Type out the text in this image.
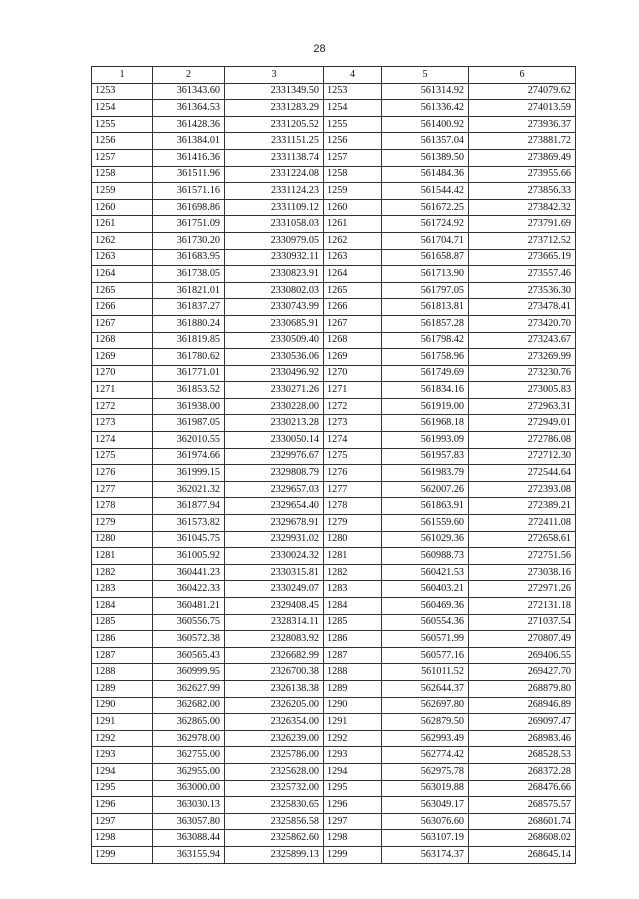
28
1	2	3	4	5	6
1253	361343.60	2331349.50	1253	561314.92	274079.62
1254	361364.53	2331283.29	1254	561336.42	274013.59
1255	361428.36	2331205.52	1255	561400.92	273936.37
1256	361384.01	2331151.25	1256	561357.04	273881.72
1257	361416.36	2331138.74	1257	561389.50	273869.49
1258	361511.96	2331224.08	1258	561484.36	273955.66
1259	361571.16	2331124.23	1259	561544.42	273856.33
1260	361698.86	2331109.12	1260	561672.25	273842.32
1261	361751.09	2331058.03	1261	561724.92	273791.69
1262	361730.20	2330979.05	1262	561704.71	273712.52
1263	361683.95	2330932.11	1263	561658.87	273665.19
1264	361738.05	2330823.91	1264	561713.90	273557.46
1265	361821.01	2330802.03	1265	561797.05	273536.30
1266	361837.27	2330743.99	1266	561813.81	273478.41
1267	361880.24	2330685.91	1267	561857.28	273420.70
1268	361819.85	2330509.40	1268	561798.42	273243.67
1269	361780.62	2330536.06	1269	561758.96	273269.99
1270	361771.01	2330496.92	1270	561749.69	273230.76
1271	361853.52	2330271.26	1271	561834.16	273005.83
1272	361938.00	2330228.00	1272	561919.00	272963.31
1273	361987.05	2330213.28	1273	561968.18	272949.01
1274	362010.55	2330050.14	1274	561993.09	272786.08
1275	361974.66	2329976.67	1275	561957.83	272712.30
1276	361999.15	2329808.79	1276	561983.79	272544.64
1277	362021.32	2329657.03	1277	562007.26	272393.08
1278	361877.94	2329654.40	1278	561863.91	272389.21
1279	361573.82	2329678.91	1279	561559.60	272411.08
1280	361045.75	2329931.02	1280	561029.36	272658.61
1281	361005.92	2330024.32	1281	560988.73	272751.56
1282	360441.23	2330315.81	1282	560421.53	273038.16
1283	360422.33	2330249.07	1283	560403.21	272971.26
1284	360481.21	2329408.45	1284	560469.36	272131.18
1285	360556.75	2328314.11	1285	560554.36	271037.54
1286	360572.38	2328083.92	1286	560571.99	270807.49
1287	360565.43	2326682.99	1287	560577.16	269406.55
1288	360999.95	2326700.38	1288	561011.52	269427.70
1289	362627.99	2326138.38	1289	562644.37	268879.80
1290	362682.00	2326205.00	1290	562697.80	268946.89
1291	362865.00	2326354.00	1291	562879.50	269097.47
1292	362978.00	2326239.00	1292	562993.49	268983.46
1293	362755.00	2325786.00	1293	562774.42	268528.53
1294	362955.00	2325628.00	1294	562975.78	268372.28
1295	363000.00	2325732.00	1295	563019.88	268476.66
1296	363030.13	2325830.65	1296	563049.17	268575.57
1297	363057.80	2325856.58	1297	563076.60	268601.74
1298	363088.44	2325862.60	1298	563107.19	268608.02
1299	363155.94	2325899.13	1299	563174.37	268645.14
